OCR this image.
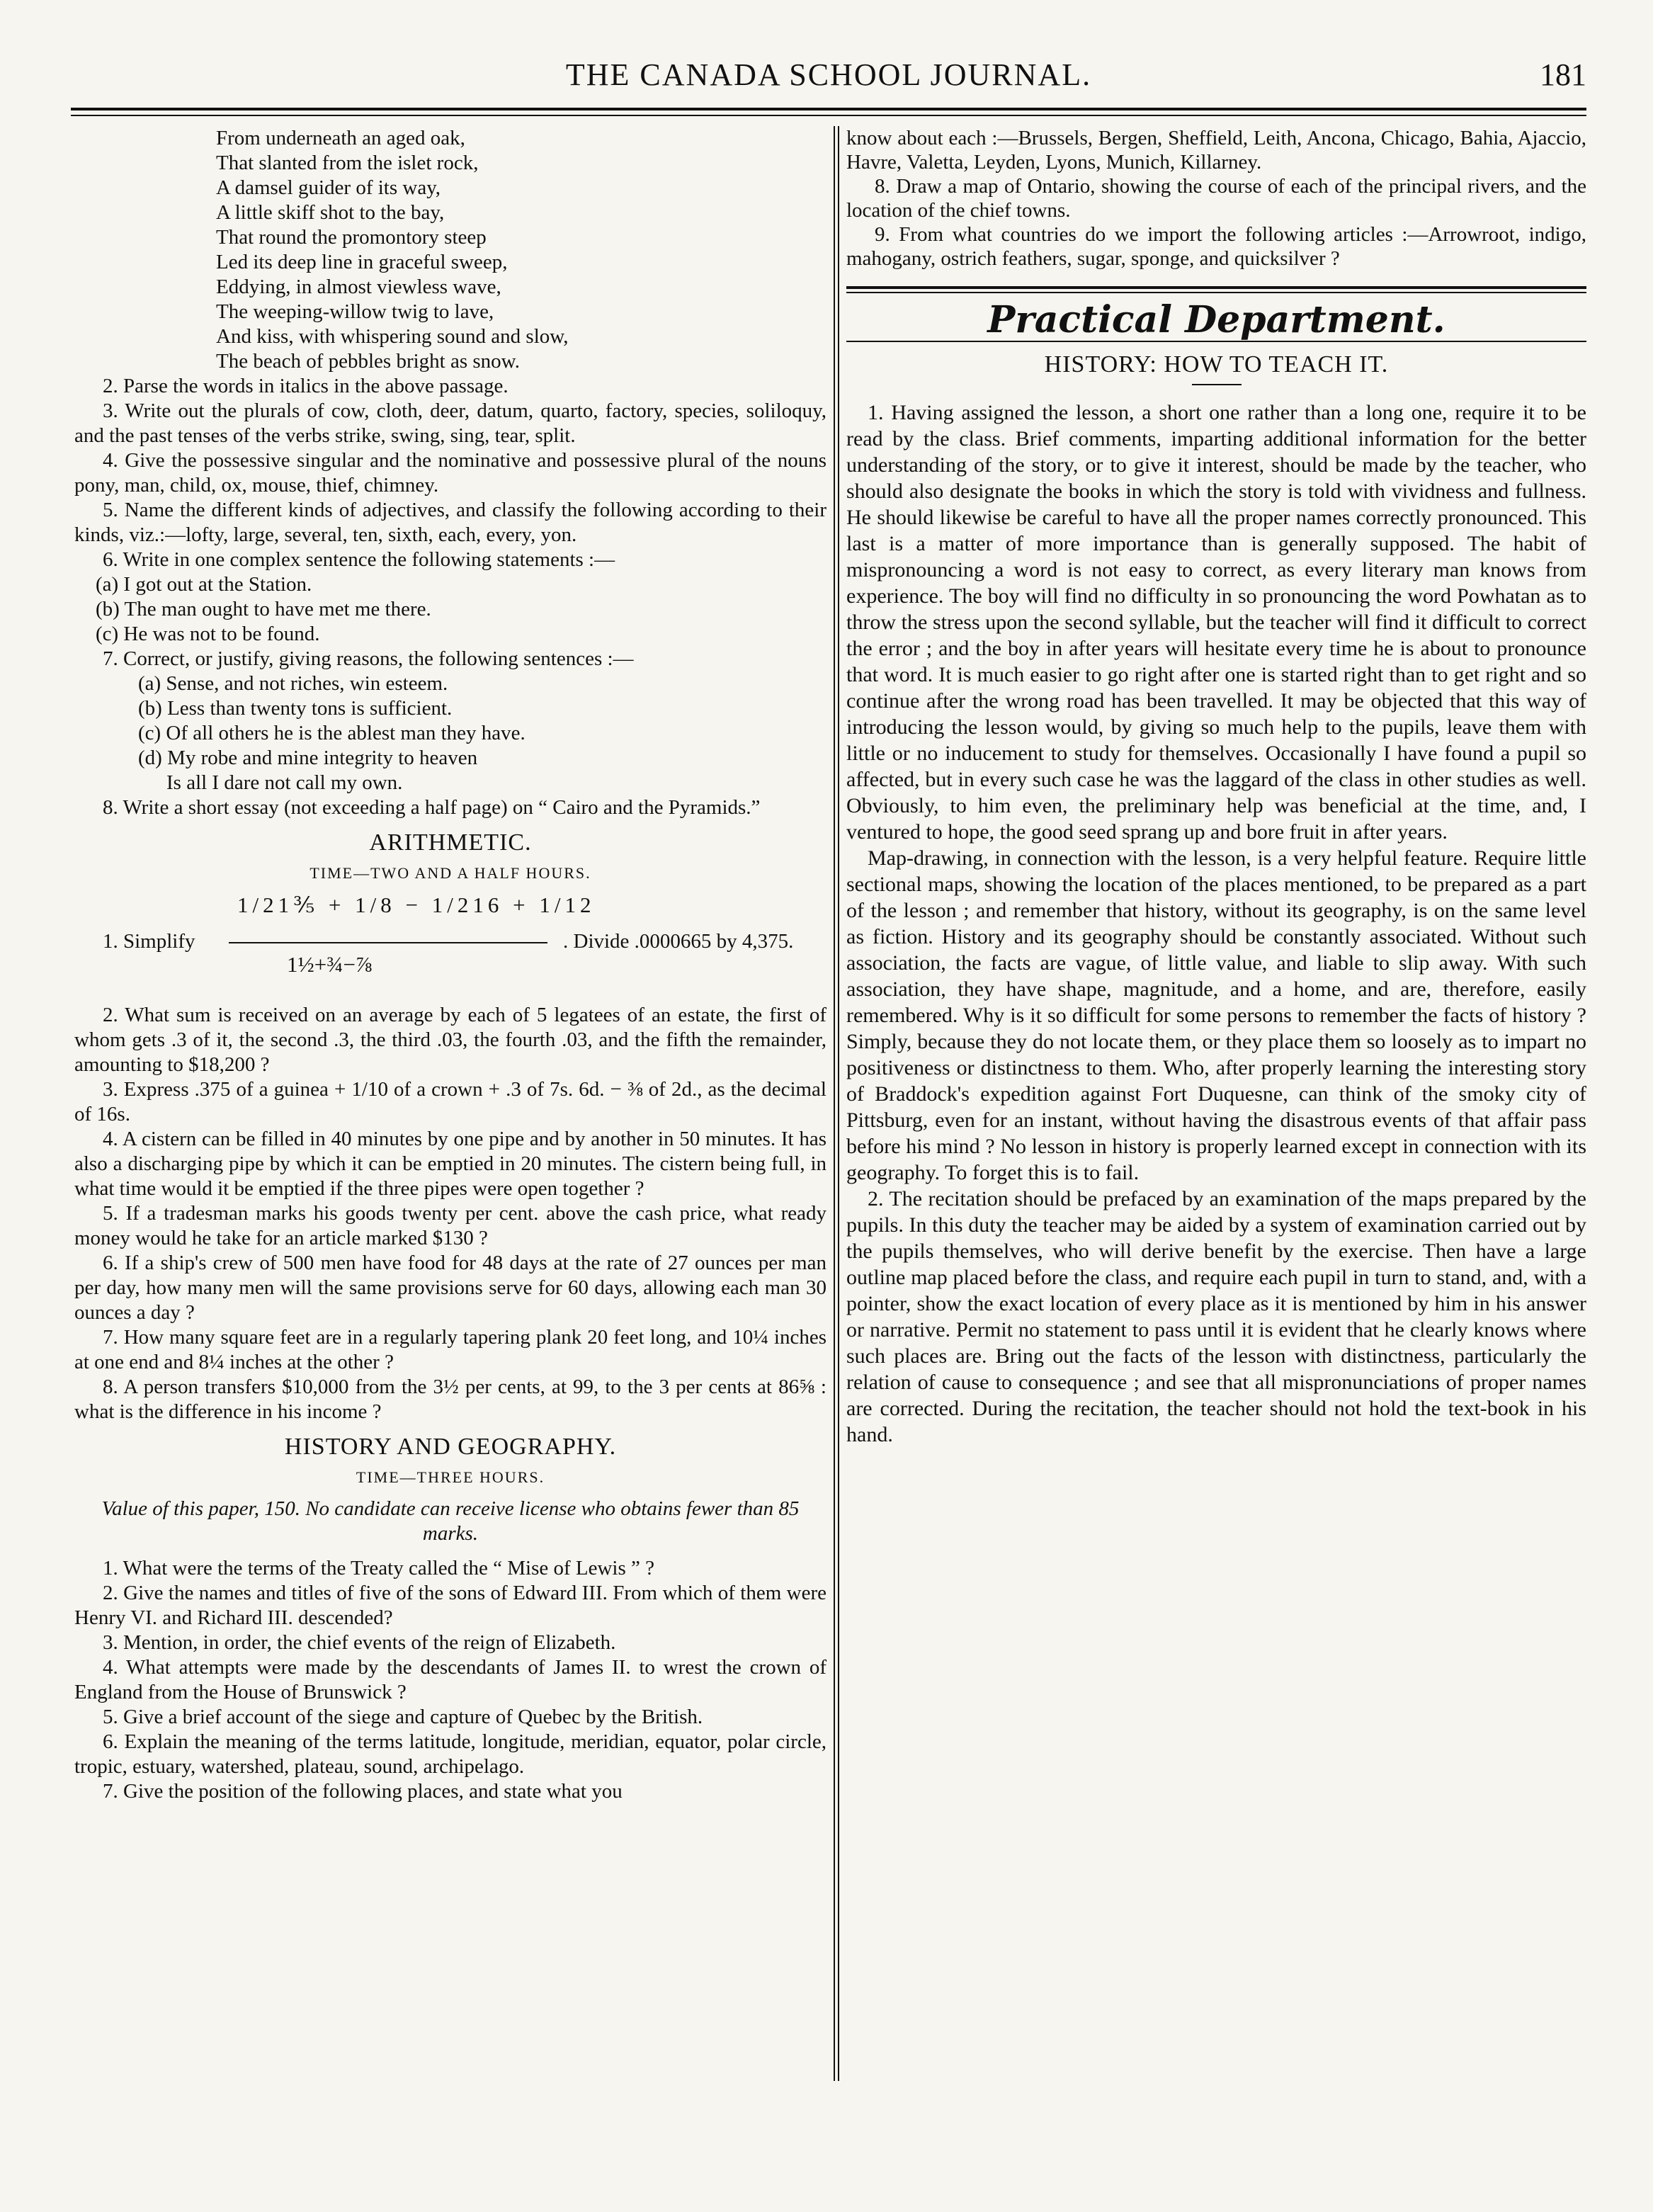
THE CANADA SCHOOL JOURNAL.	181
From underneath an aged oak,
That slanted from the islet rock,
A damsel guider of its way,
A little skiff shot to the bay,
That round the promontory steep
Led its deep line in graceful sweep,
Eddying, in almost viewless wave,
The weeping-willow twig to lave,
And kiss, with whispering sound and slow,
The beach of pebbles bright as snow.

2. Parse the words in italics in the above passage.

3. Write out the plurals of cow, cloth, deer, datum, quarto, factory, species, soliloquy, and the past tenses of the verbs strike, swing, sing, tear, split.

4. Give the possessive singular and the nominative and possessive plural of the nouns pony, man, child, ox, mouse, thief, chimney.

5. Name the different kinds of adjectives, and classify the following according to their kinds, viz.:—lofty, large, several, ten, sixth, each, every, yon.

6. Write in one complex sentence the following statements :—

(a) I got out at the Station.

(b) The man ought to have met me there.

(c) He was not to be found.

7. Correct, or justify, giving reasons, the following sentences :—

(a) Sense, and not riches, win esteem.

(b) Less than twenty tons is sufficient.

(c) Of all others he is the ablest man they have.

(d) My robe and mine integrity to heaven

Is all I dare not call my own.

8. Write a short essay (not exceeding a half page) on “ Cairo and the Pyramids.”

ARITHMETIC.
TIME—TWO AND A HALF HOURS.
1/21⅗ + 1/8 − 1/216 + 1/12
1. Simplify	. Divide .0000665 by 4,375.
1½+¾−⅞

2. What sum is received on an average by each of 5 legatees of an estate, the first of whom gets .3 of it, the second .3, the third .03, the fourth .03, and the fifth the remainder, amounting to $18,200 ?

3. Express .375 of a guinea + 1/10 of a crown + .3 of 7s. 6d. − ⅜ of 2d., as the decimal of 16s.

4. A cistern can be filled in 40 minutes by one pipe and by another in 50 minutes. It has also a discharging pipe by which it can be emptied in 20 minutes. The cistern being full, in what time would it be emptied if the three pipes were open together ?

5. If a tradesman marks his goods twenty per cent. above the cash price, what ready money would he take for an article marked $130 ?

6. If a ship's crew of 500 men have food for 48 days at the rate of 27 ounces per man per day, how many men will the same provisions serve for 60 days, allowing each man 30 ounces a day ?

7. How many square feet are in a regularly tapering plank 20 feet long, and 10¼ inches at one end and 8¼ inches at the other ?

8. A person transfers $10,000 from the 3½ per cents, at 99, to the 3 per cents at 86⅝ : what is the difference in his income ?

HISTORY AND GEOGRAPHY.
TIME—THREE HOURS.

Value of this paper, 150. No candidate can receive license who obtains fewer than 85 marks.

1. What were the terms of the Treaty called the “ Mise of Lewis ” ?

2. Give the names and titles of five of the sons of Edward III. From which of them were Henry VI. and Richard III. descended?

3. Mention, in order, the chief events of the reign of Elizabeth.

4. What attempts were made by the descendants of James II. to wrest the crown of England from the House of Brunswick ?

5. Give a brief account of the siege and capture of Quebec by the British.

6. Explain the meaning of the terms latitude, longitude, meridian, equator, polar circle, tropic, estuary, watershed, plateau, sound, archipelago.

7. Give the position of the following places, and state what you

know about each :—Brussels, Bergen, Sheffield, Leith, Ancona, Chicago, Bahia, Ajaccio, Havre, Valetta, Leyden, Lyons, Munich, Killarney.

8. Draw a map of Ontario, showing the course of each of the principal rivers, and the location of the chief towns.

9. From what countries do we import the following articles :—Arrowroot, indigo, mahogany, ostrich feathers, sugar, sponge, and quicksilver ?

Practical Department.
HISTORY: HOW TO TEACH IT.

1. Having assigned the lesson, a short one rather than a long one, require it to be read by the class. Brief comments, imparting additional information for the better understanding of the story, or to give it interest, should be made by the teacher, who should also designate the books in which the story is told with vividness and fullness. He should likewise be careful to have all the proper names correctly pronounced. This last is a matter of more importance than is generally supposed. The habit of mispronouncing a word is not easy to correct, as every literary man knows from experience. The boy will find no difficulty in so pronouncing the word Powhatan as to throw the stress upon the second syllable, but the teacher will find it difficult to correct the error ; and the boy in after years will hesitate every time he is about to pronounce that word. It is much easier to go right after one is started right than to get right and so continue after the wrong road has been travelled. It may be objected that this way of introducing the lesson would, by giving so much help to the pupils, leave them with little or no inducement to study for themselves. Occasionally I have found a pupil so affected, but in every such case he was the laggard of the class in other studies as well. Obviously, to him even, the preliminary help was beneficial at the time, and, I ventured to hope, the good seed sprang up and bore fruit in after years.

Map-drawing, in connection with the lesson, is a very helpful feature. Require little sectional maps, showing the location of the places mentioned, to be prepared as a part of the lesson ; and remember that history, without its geography, is on the same level as fiction. History and its geography should be constantly associated. Without such association, the facts are vague, of little value, and liable to slip away. With such association, they have shape, magnitude, and a home, and are, therefore, easily remembered. Why is it so difficult for some persons to remember the facts of history ? Simply, because they do not locate them, or they place them so loosely as to impart no positiveness or distinctness to them. Who, after properly learning the interesting story of Braddock's expedition against Fort Duquesne, can think of the smoky city of Pittsburg, even for an instant, without having the disastrous events of that affair pass before his mind ? No lesson in history is properly learned except in connection with its geography. To forget this is to fail.

2. The recitation should be prefaced by an examination of the maps prepared by the pupils. In this duty the teacher may be aided by a system of examination carried out by the pupils themselves, who will derive benefit by the exercise. Then have a large outline map placed before the class, and require each pupil in turn to stand, and, with a pointer, show the exact location of every place as it is mentioned by him in his answer or narrative. Permit no statement to pass until it is evident that he clearly knows where such places are. Bring out the facts of the lesson with distinctness, particularly the relation of cause to consequence ; and see that all mispronunciations of proper names are corrected. During the recitation, the teacher should not hold the text-book in his hand.
